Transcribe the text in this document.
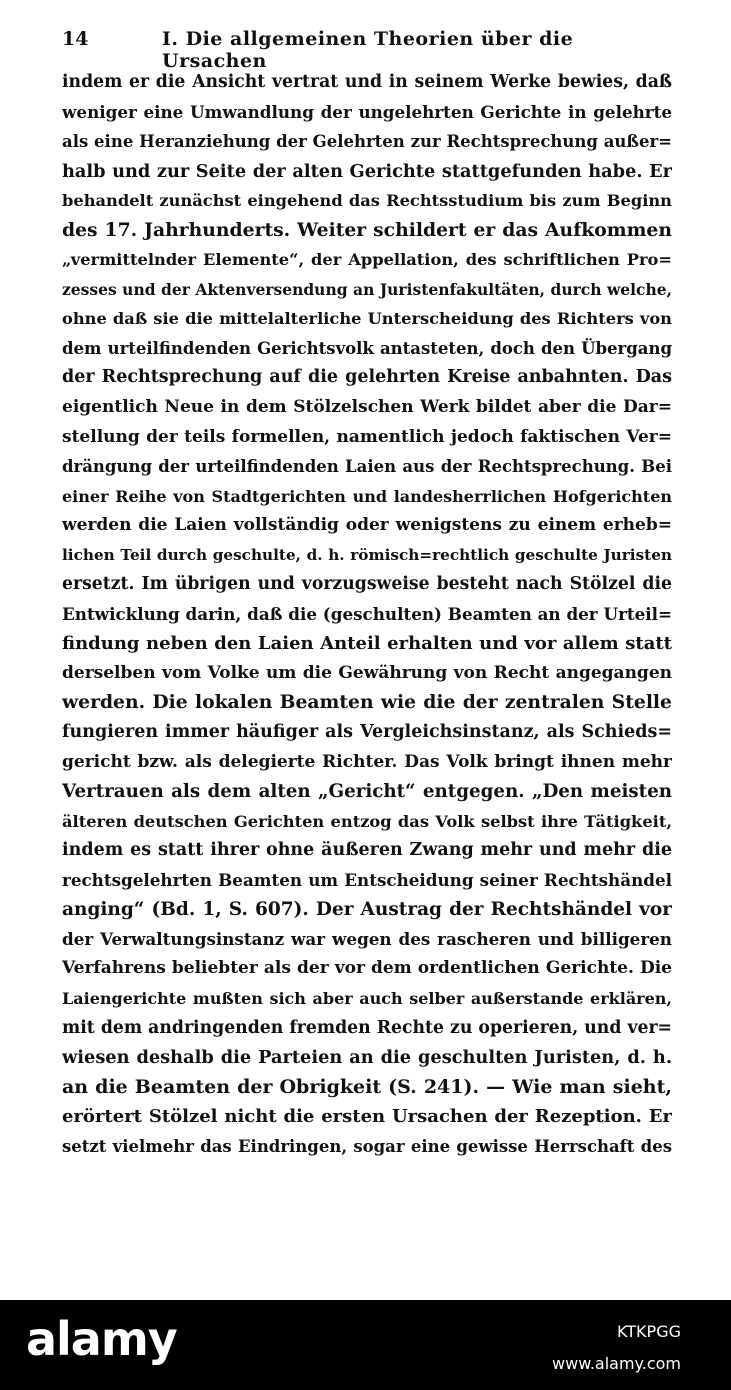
14	I. Die allgemeinen Theorien über die Ursachen
indem er die Ansicht vertrat und in seinem Werke bewies, daß
weniger eine Umwandlung der ungelehrten Gerichte in gelehrte
als eine Heranziehung der Gelehrten zur Rechtsprechung außer=
halb und zur Seite der alten Gerichte stattgefunden habe. Er
behandelt zunächst eingehend das Rechtsstudium bis zum Beginn
des 17. Jahrhunderts. Weiter schildert er das Aufkommen
„vermittelnder Elemente“, der Appellation, des schriftlichen Pro=
zesses und der Aktenversendung an Juristenfakultäten, durch welche,
ohne daß sie die mittelalterliche Unterscheidung des Richters von
dem urteilfindenden Gerichtsvolk antasteten, doch den Übergang
der Rechtsprechung auf die gelehrten Kreise anbahnten. Das
eigentlich Neue in dem Stölzelschen Werk bildet aber die Dar=
stellung der teils formellen, namentlich jedoch faktischen Ver=
drängung der urteilfindenden Laien aus der Rechtsprechung. Bei
einer Reihe von Stadtgerichten und landesherrlichen Hofgerichten
werden die Laien vollständig oder wenigstens zu einem erheb=
lichen Teil durch geschulte, d. h. römisch=rechtlich geschulte Juristen
ersetzt. Im übrigen und vorzugsweise besteht nach Stölzel die
Entwicklung darin, daß die (geschulten) Beamten an der Urteil=
findung neben den Laien Anteil erhalten und vor allem statt
derselben vom Volke um die Gewährung von Recht angegangen
werden. Die lokalen Beamten wie die der zentralen Stelle
fungieren immer häufiger als Vergleichsinstanz, als Schieds=
gericht bzw. als delegierte Richter. Das Volk bringt ihnen mehr
Vertrauen als dem alten „Gericht“ entgegen. „Den meisten
älteren deutschen Gerichten entzog das Volk selbst ihre Tätigkeit,
indem es statt ihrer ohne äußeren Zwang mehr und mehr die
rechtsgelehrten Beamten um Entscheidung seiner Rechtshändel
anging“ (Bd. 1, S. 607). Der Austrag der Rechtshändel vor
der Verwaltungsinstanz war wegen des rascheren und billigeren
Verfahrens beliebter als der vor dem ordentlichen Gerichte. Die
Laiengerichte mußten sich aber auch selber außerstande erklären,
mit dem andringenden fremden Rechte zu operieren, und ver=
wiesen deshalb die Parteien an die geschulten Juristen, d. h.
an die Beamten der Obrigkeit (S. 241). — Wie man sieht,
erörtert Stölzel nicht die ersten Ursachen der Rezeption. Er
setzt vielmehr das Eindringen, sogar eine gewisse Herrschaft des
alamy	KTKPGG
www.alamy.com
